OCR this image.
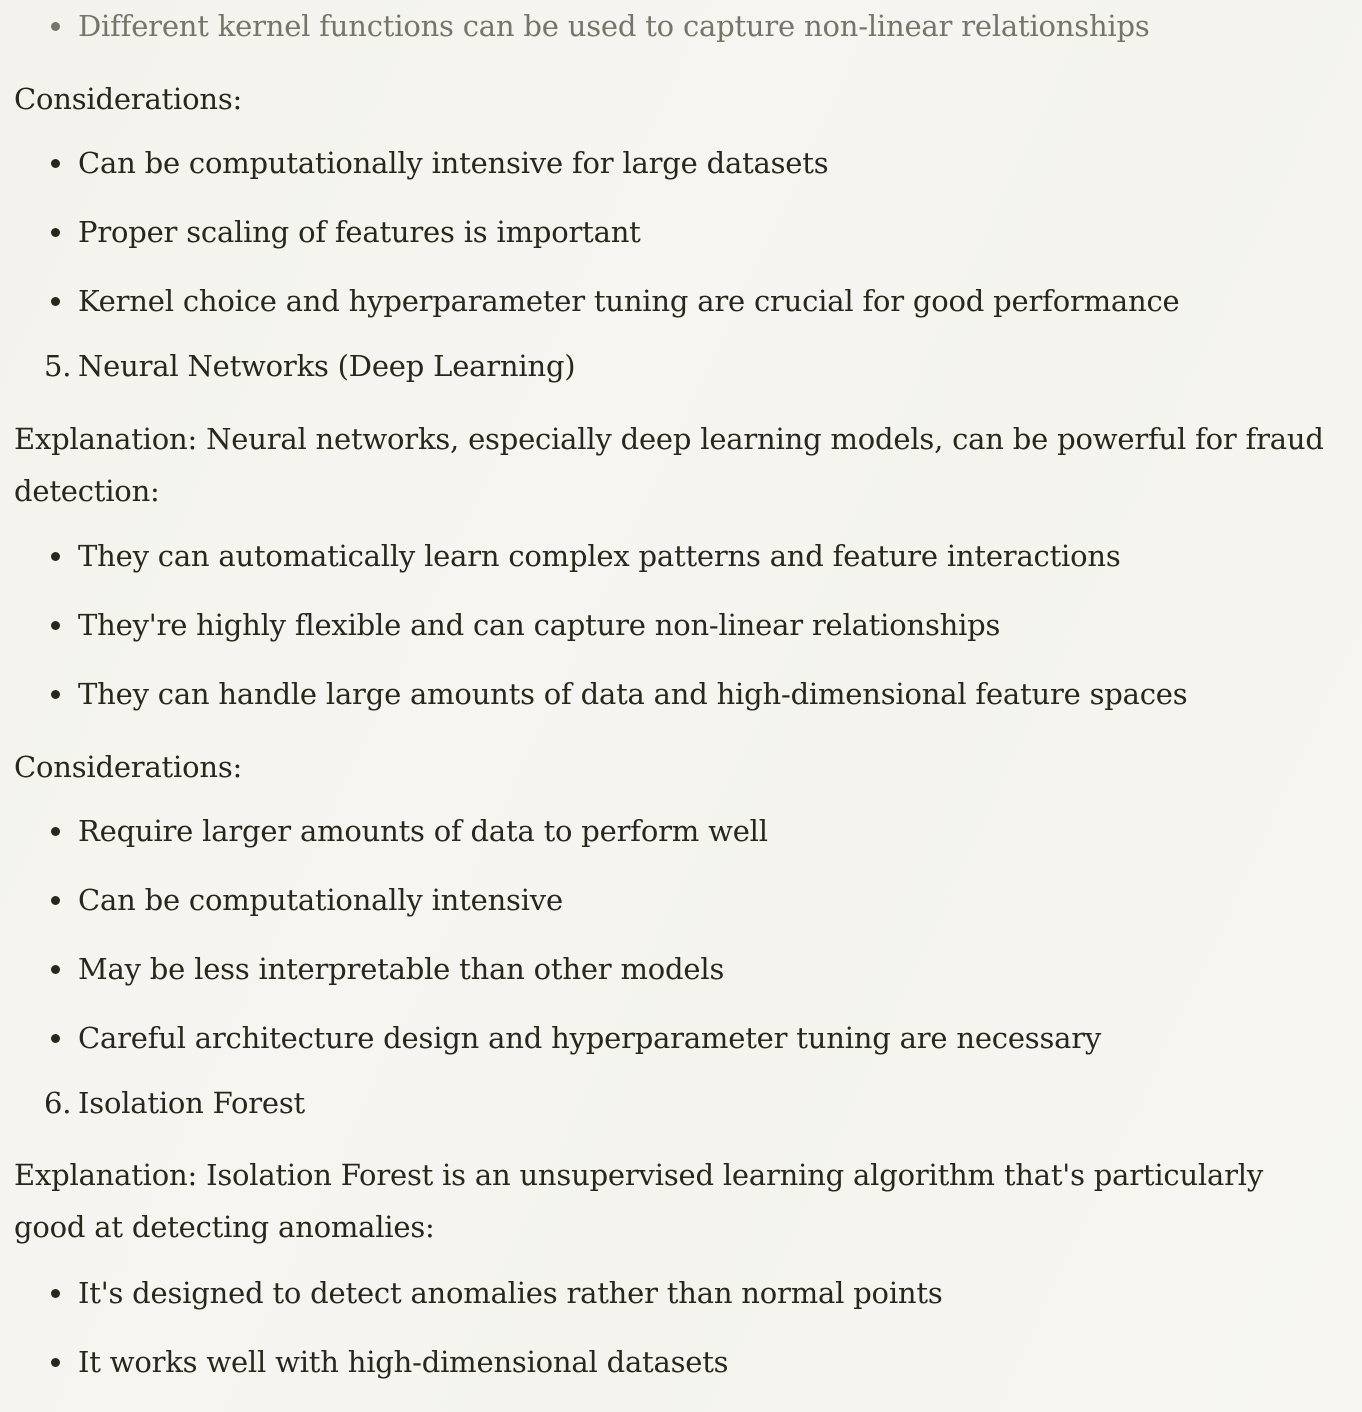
Different kernel functions can be used to capture non-linear relationships
Considerations:
Can be computationally intensive for large datasets
Proper scaling of features is important
Kernel choice and hyperparameter tuning are crucial for good performance
5. Neural Networks (Deep Learning)
Explanation: Neural networks, especially deep learning models, can be powerful for fraud
detection:
They can automatically learn complex patterns and feature interactions
They're highly flexible and can capture non-linear relationships
They can handle large amounts of data and high-dimensional feature spaces
Considerations:
Require larger amounts of data to perform well
Can be computationally intensive
May be less interpretable than other models
Careful architecture design and hyperparameter tuning are necessary
6. Isolation Forest
Explanation: Isolation Forest is an unsupervised learning algorithm that's particularly
good at detecting anomalies:
It's designed to detect anomalies rather than normal points
It works well with high-dimensional datasets
